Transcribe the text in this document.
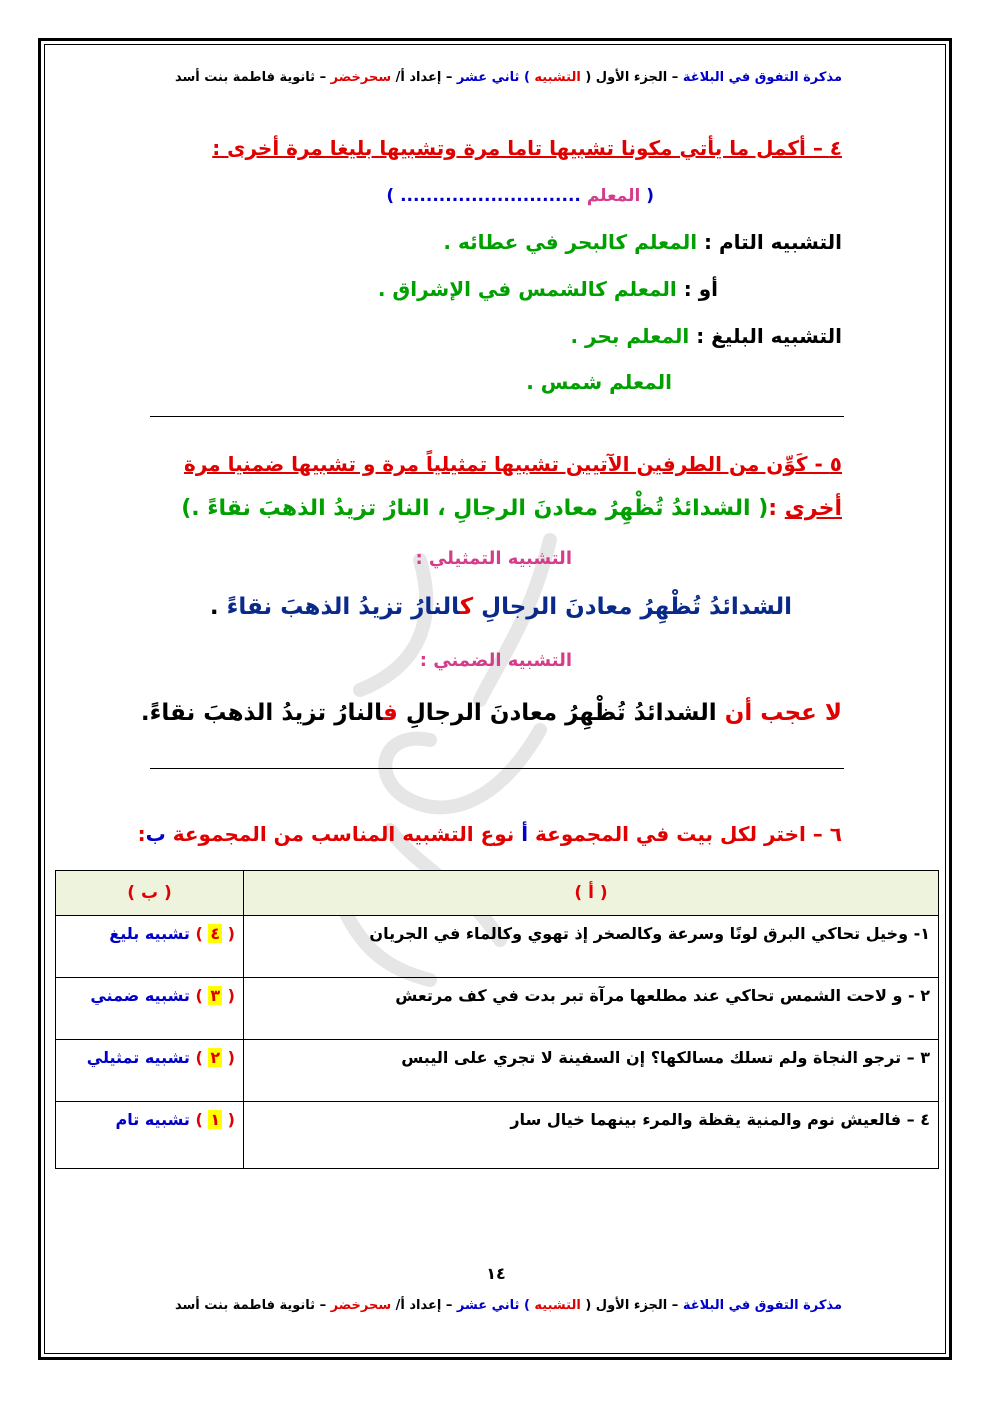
مذكرة التفوق في البلاغة – الجزء الأول ( التشبيه ) ثاني عشر – إعداد أ/ سحرخضر – ثانوية فاطمة بنت أسد
٤ – أكمل ما يأتي مكونا تشبيها تاما مرة وتشبيها بليغا مرة أخرى :
( المعلم ............................ )
التشبيه التام : المعلم كالبحر في عطائه .
أو : المعلم كالشمس في الإشراق .
التشبيه البليغ : المعلم بحر .
المعلم شمس .
٥ - كَوِّن من الطرفين الآتيين تشبيها تمثيلياً مرة و تشبيها ضمنيا مرة
أخرى :( الشدائدُ تُظْهِرُ معادنَ الرجالِ ، النارُ تزيدُ الذهبَ نقاءً .)
التشبيه التمثيلي :
الشدائدُ تُظْهِرُ معادنَ الرجالِ كالنارُ تزيدُ الذهبَ نقاءً .
التشبيه الضمني :
لا عجب أن الشدائدُ تُظْهِرُ معادنَ الرجالِ فالنارُ تزيدُ الذهبَ نقاءً.
٦ – اختر لكل بيت في المجموعة أ نوع التشبيه المناسب من المجموعة ب:
( أ )	( ب )
١- وخيل تحاكي البرق لونًا وسرعة وكالصخر إذ تهوي وكالماء في الجريان	( ٤ ) تشبيه بليغ
٢ - و لاحت الشمس تحاكي عند مطلعها مرآة تبر بدت في كف مرتعش	( ٣ ) تشبيه ضمني
٣ – ترجو النجاة ولم تسلك مسالكها؟ إن السفينة لا تجري على اليبس	( ٢ ) تشبيه تمثيلي
٤ – فالعيش نوم والمنية يقظة والمرء بينهما خيال سار	( ١ ) تشبيه تام
١٤
مذكرة التفوق في البلاغة – الجزء الأول ( التشبيه ) ثاني عشر – إعداد أ/ سحرخضر – ثانوية فاطمة بنت أسد
